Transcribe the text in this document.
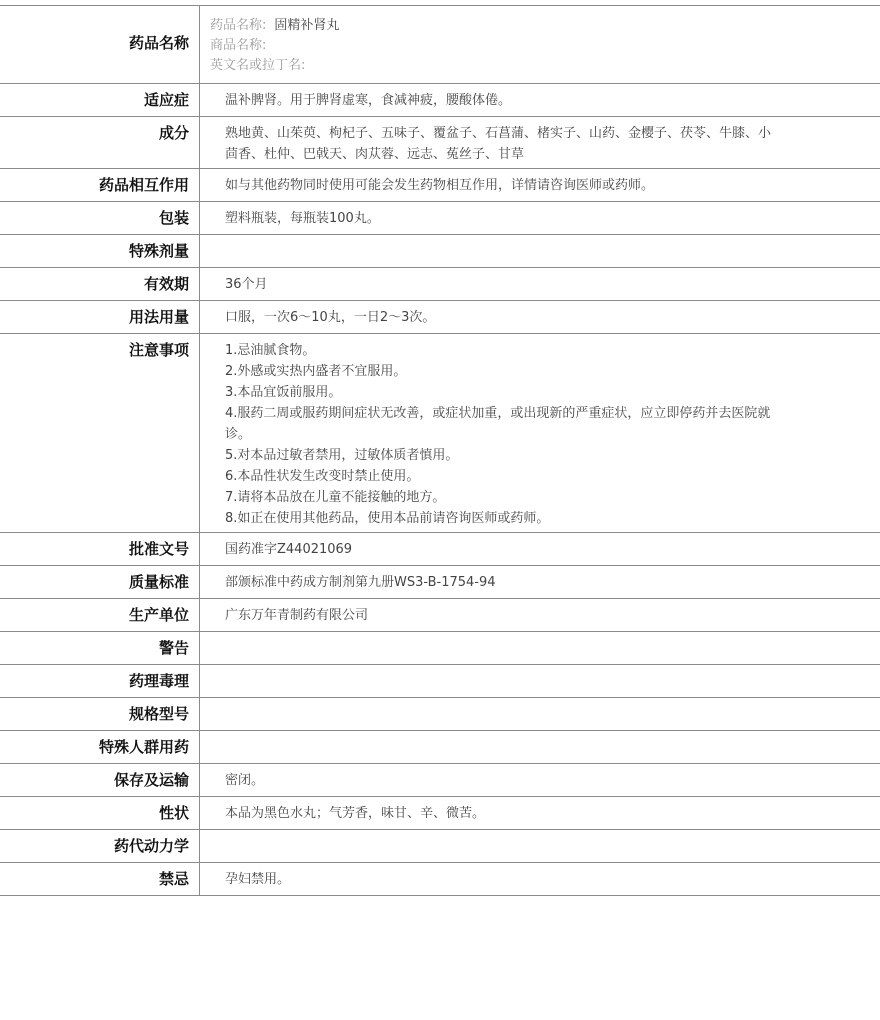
药品名称
药品名称: 固精补肾丸
商品名称:
英文名或拉丁名:
适应症	温补脾肾。用于脾肾虚寒，食减神疲，腰酸体倦。
成分	熟地黄、山茱萸、枸杞子、五味子、覆盆子、石菖蒲、楮实子、山药、金樱子、茯苓、牛膝、小茴香、杜仲、巴戟天、肉苁蓉、远志、菟丝子、甘草
药品相互作用	如与其他药物同时使用可能会发生药物相互作用，详情请咨询医师或药师。
包装	塑料瓶装，每瓶装100丸。
特殊剂量
有效期	36个月
用法用量	口服，一次6～10丸，一日2～3次。
注意事项	1.忌油腻食物。
2.外感或实热内盛者不宜服用。
3.本品宜饭前服用。
4.服药二周或服药期间症状无改善，或症状加重，或出现新的严重症状，应立即停药并去医院就诊。
5.对本品过敏者禁用，过敏体质者慎用。
6.本品性状发生改变时禁止使用。
7.请将本品放在儿童不能接触的地方。
8.如正在使用其他药品，使用本品前请咨询医师或药师。
批准文号	国药准字Z44021069
质量标准	部颁标准中药成方制剂第九册WS3-B-1754-94
生产单位	广东万年青制药有限公司
警告
药理毒理
规格型号
特殊人群用药
保存及运输	密闭。
性状	本品为黑色水丸；气芳香，味甘、辛、微苦。
药代动力学
禁忌	孕妇禁用。
